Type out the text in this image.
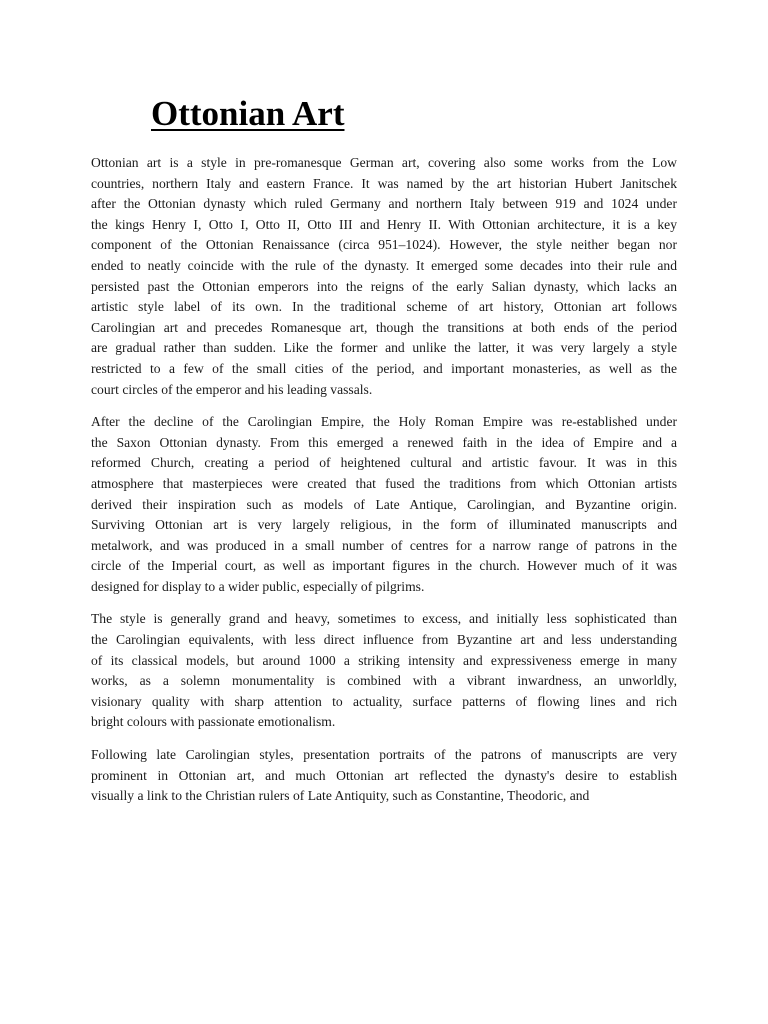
Ottonian Art
Ottonian art is a style in pre-romanesque German art, covering also some works from the Low
countries, northern Italy and eastern France. It was named by the art historian Hubert Janitschek
after the Ottonian dynasty which ruled Germany and northern Italy between 919 and 1024 under
the kings Henry I, Otto I, Otto II, Otto III and Henry II. With Ottonian architecture, it is a key
component of the Ottonian Renaissance (circa 951–1024). However, the style neither began nor
ended to neatly coincide with the rule of the dynasty. It emerged some decades into their rule and
persisted past the Ottonian emperors into the reigns of the early Salian dynasty, which lacks an
artistic style label of its own. In the traditional scheme of art history, Ottonian art follows
Carolingian art and precedes Romanesque art, though the transitions at both ends of the period
are gradual rather than sudden. Like the former and unlike the latter, it was very largely a style
restricted to a few of the small cities of the period, and important monasteries, as well as the
court circles of the emperor and his leading vassals.
After the decline of the Carolingian Empire, the Holy Roman Empire was re-established under
the Saxon Ottonian dynasty. From this emerged a renewed faith in the idea of Empire and a
reformed Church, creating a period of heightened cultural and artistic favour. It was in this
atmosphere that masterpieces were created that fused the traditions from which Ottonian artists
derived their inspiration such as models of Late Antique, Carolingian, and Byzantine origin.
Surviving Ottonian art is very largely religious, in the form of illuminated manuscripts and
metalwork, and was produced in a small number of centres for a narrow range of patrons in the
circle of the Imperial court, as well as important figures in the church. However much of it was
designed for display to a wider public, especially of pilgrims.
The style is generally grand and heavy, sometimes to excess, and initially less sophisticated than
the Carolingian equivalents, with less direct influence from Byzantine art and less understanding
of its classical models, but around 1000 a striking intensity and expressiveness emerge in many
works, as a solemn monumentality is combined with a vibrant inwardness, an unworldly,
visionary quality with sharp attention to actuality, surface patterns of flowing lines and rich
bright colours with passionate emotionalism.
Following late Carolingian styles, presentation portraits of the patrons of manuscripts are very
prominent in Ottonian art, and much Ottonian art reflected the dynasty's desire to establish
visually a link to the Christian rulers of Late Antiquity, such as Constantine, Theodoric, and
